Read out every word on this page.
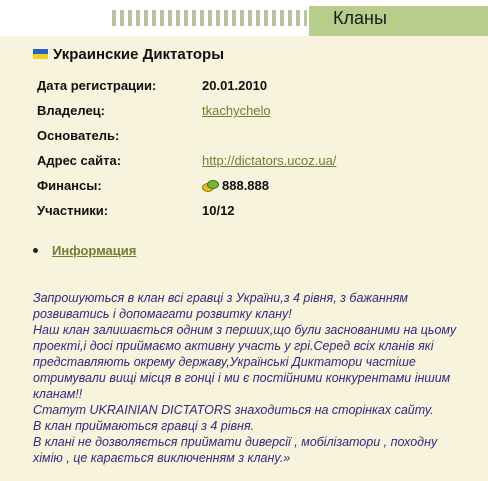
Кланы
Украинские Диктаторы
Дата регистрации:	20.01.2010
Владелец:	tkachychelo
Основатель:
Адрес сайта:	http://dictators.ucoz.ua/
Финансы:	888.888
Участники:	10/12
Информация

Запрошуються в клан всі гравці з України,з 4 рівня, з бажанням

розвиватись і допомагати розвитку клану!

Наш клан залишається одним з перших,що були заснованими на цьому

проекті,і досі приймаємо активну участь у грі.Серед всіх кланів які

представляють окрему державу,Українські Диктатори частіше

отримували вищі місця в гонці і ми є постійними конкурентами іншим

кланам!!

Статут UKRAINIAN DICTATORS знаходиться на сторінках сайту.

В клан приймаються гравці з 4 рівня.

В клані не дозволяється приймати диверсії , мобілізатори , походну

хімію , це карається виключенням з клану.»
